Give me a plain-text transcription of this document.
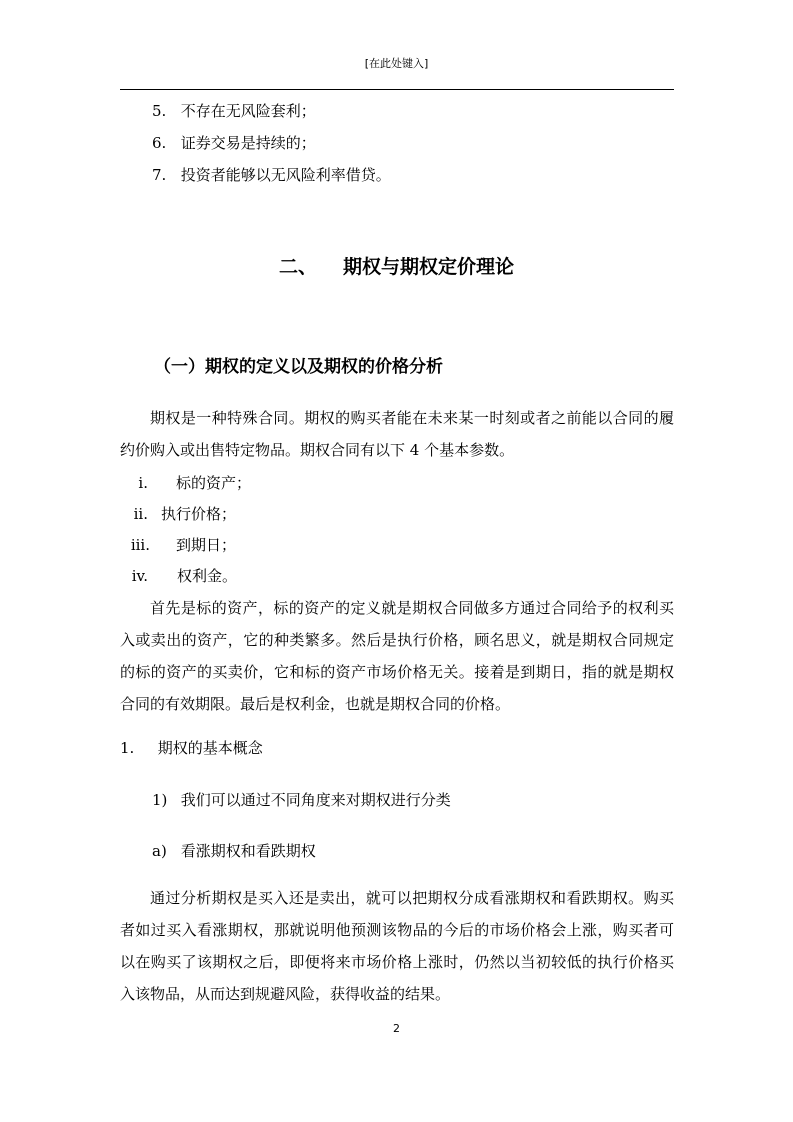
[在此处键入]
5. 不存在无风险套利；
6. 证券交易是持续的；
7. 投资者能够以无风险利率借贷。
二、 期权与期权定价理论
（一）期权的定义以及期权的价格分析
期权是一种特殊合同。期权的购买者能在未来某一时刻或者之前能以合同的履约价购入或出售特定物品。期权合同有以下 4 个基本参数。
i. 标的资产；
ii. 执行价格；
iii. 到期日；
iv. 权利金。
首先是标的资产，标的资产的定义就是期权合同做多方通过合同给予的权利买入或卖出的资产，它的种类繁多。然后是执行价格，顾名思义，就是期权合同规定的标的资产的买卖价，它和标的资产市场价格无关。接着是到期日，指的就是期权合同的有效期限。最后是权利金，也就是期权合同的价格。
1. 期权的基本概念
1) 我们可以通过不同角度来对期权进行分类
a) 看涨期权和看跌期权
通过分析期权是买入还是卖出，就可以把期权分成看涨期权和看跌期权。购买者如过买入看涨期权，那就说明他预测该物品的今后的市场价格会上涨，购买者可以在购买了该期权之后，即便将来市场价格上涨时，仍然以当初较低的执行价格买入该物品，从而达到规避风险，获得收益的结果。
2
